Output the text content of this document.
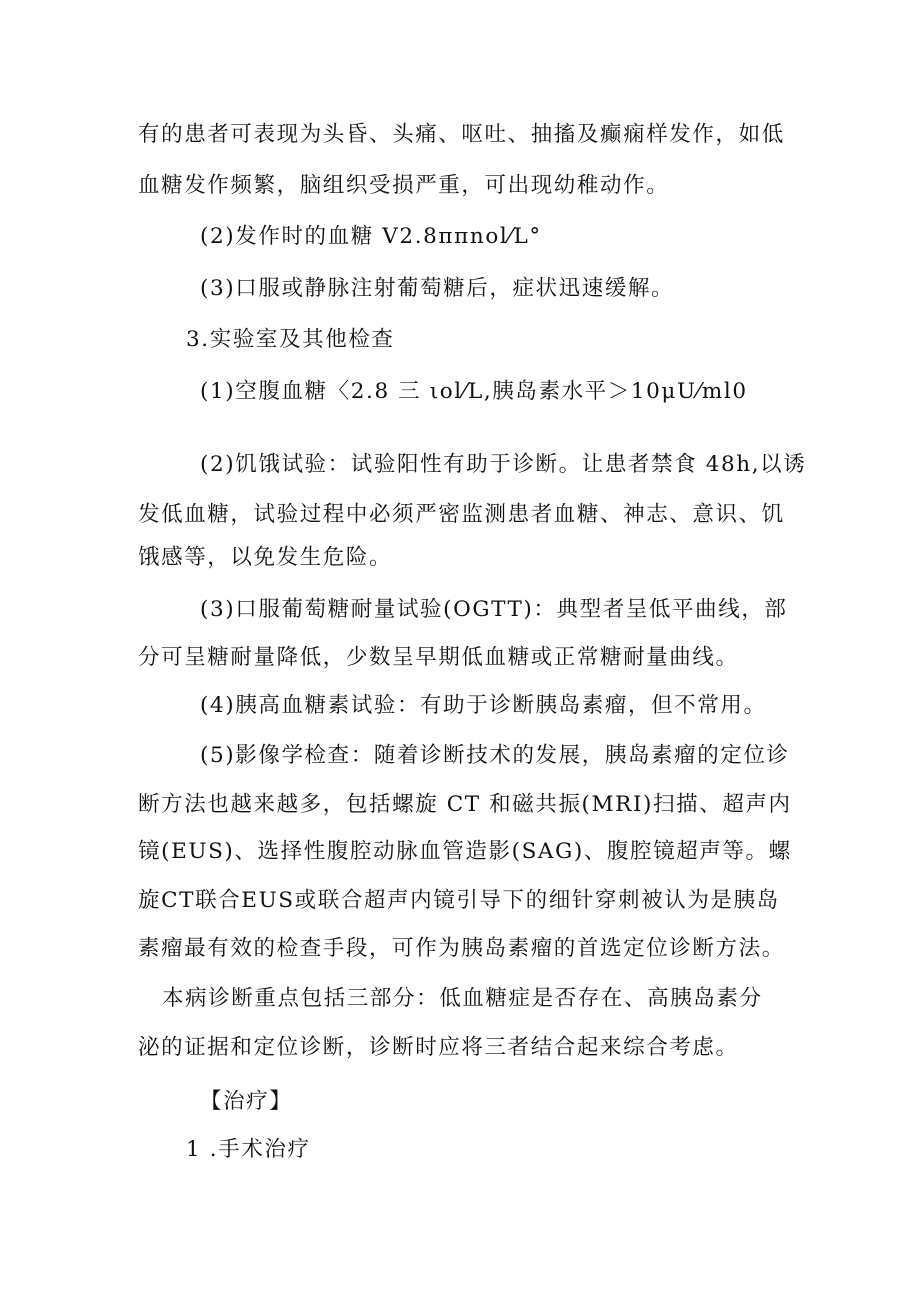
有的患者可表现为头昏、头痛、呕吐、抽搐及癫痫样发作，如低
血糖发作频繁，脑组织受损严重，可出现幼稚动作。
(2)发作时的血糖 V2.8ππnol⁄L°
(3)口服或静脉注射葡萄糖后，症状迅速缓解。
3.实验室及其他检查
(1)空腹血糖〈2.8 三 ιol⁄L,胰岛素水平＞10μU⁄ml0
(2)饥饿试验：试验阳性有助于诊断。让患者禁食 48h,以诱
发低血糖，试验过程中必须严密监测患者血糖、神志、意识、饥
饿感等，以免发生危险。
(3)口服葡萄糖耐量试验(OGTT)：典型者呈低平曲线，部
分可呈糖耐量降低，少数呈早期低血糖或正常糖耐量曲线。
(4)胰高血糖素试验：有助于诊断胰岛素瘤，但不常用。
(5)影像学检查：随着诊断技术的发展，胰岛素瘤的定位诊
断方法也越来越多，包括螺旋 CT 和磁共振(MRI)扫描、超声内
镜(EUS)、选择性腹腔动脉血管造影(SAG)、腹腔镜超声等。螺
旋CT联合EUS或联合超声内镜引导下的细针穿刺被认为是胰岛
素瘤最有效的检查手段，可作为胰岛素瘤的首选定位诊断方法。
本病诊断重点包括三部分：低血糖症是否存在、高胰岛素分
泌的证据和定位诊断，诊断时应将三者结合起来综合考虑。
【治疗】
1 .手术治疗
